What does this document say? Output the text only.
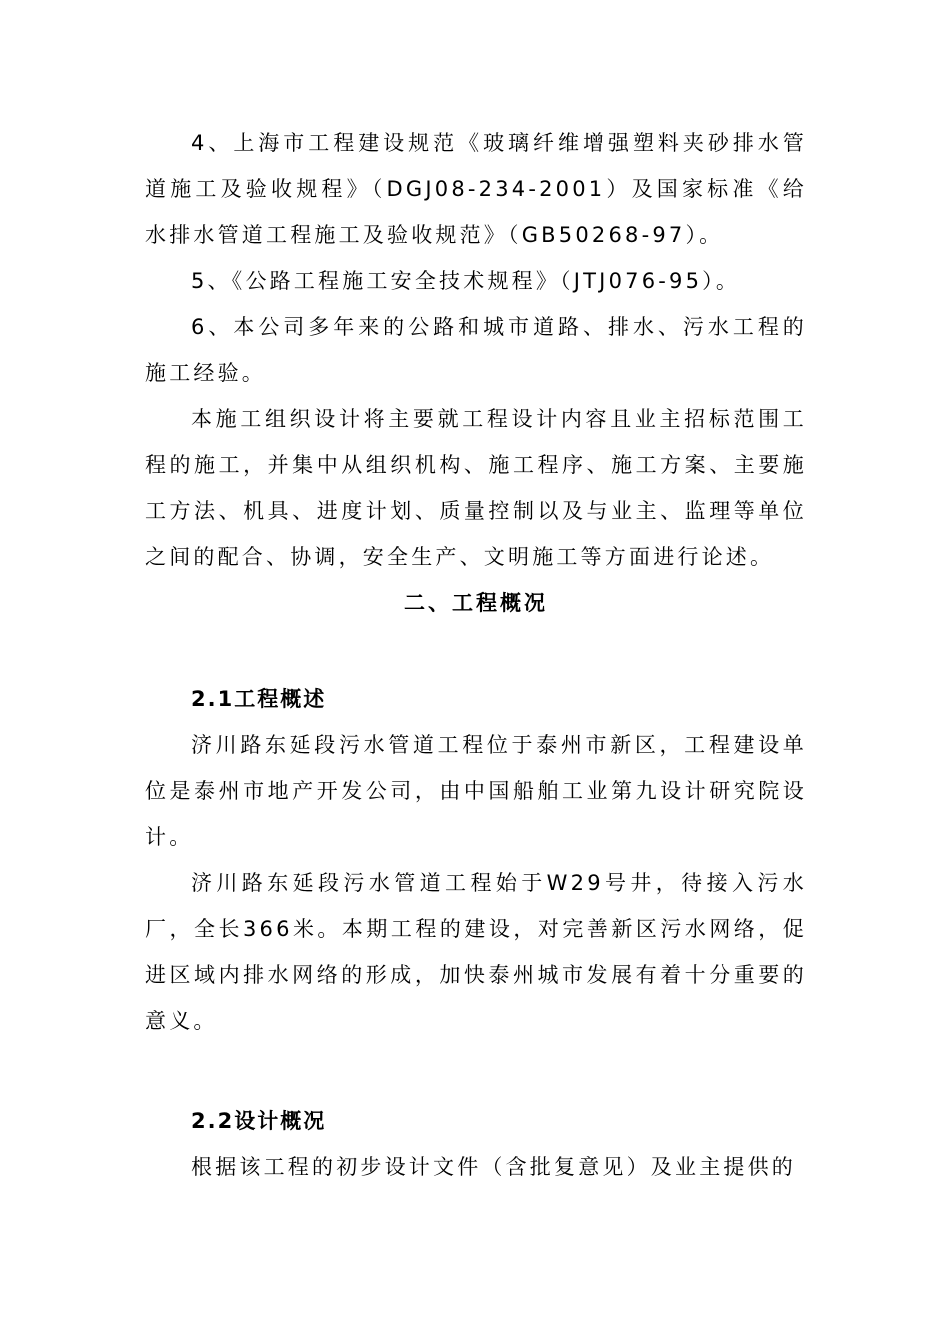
4、上海市工程建设规范《玻璃纤维增强塑料夹砂排水管道施工及验收规程》（DGJ08-234-2001）及国家标准《给水排水管道工程施工及验收规范》（GB50268-97）。

5、《公路工程施工安全技术规程》（JTJ076-95）。

6、本公司多年来的公路和城市道路、排水、污水工程的施工经验。

本施工组织设计将主要就工程设计内容且业主招标范围工程的施工，并集中从组织机构、施工程序、施工方案、主要施工方法、机具、进度计划、质量控制以及与业主、监理等单位之间的配合、协调，安全生产、文明施工等方面进行论述。

二、工程概况
2.1工程概述

济川路东延段污水管道工程位于泰州市新区，工程建设单位是泰州市地产开发公司，由中国船舶工业第九设计研究院设计。

济川路东延段污水管道工程始于W29号井，待接入污水厂，全长366米。本期工程的建设，对完善新区污水网络，促进区域内排水网络的形成，加快泰州城市发展有着十分重要的意义。

2.2设计概况

根据该工程的初步设计文件（含批复意见）及业主提供的
